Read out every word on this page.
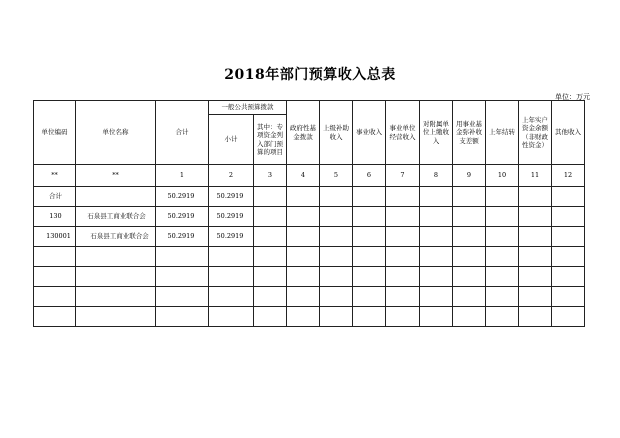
2018年部门预算收入总表
单位：万元
单位编码	单位名称	合计	一般公共预算拨款		政府性基金拨款	上级补助收入	事业收入	事业单位经营收入	对附属单位上缴收入	用事业基金弥补收支差额	上年结转	上年实户资金余额（非财政性资金）	其他收入
			小计	其中：专项资金列入部门预算的项目									
**	**	1	2	3	4	5	6	7	8	9	10	11	12
合计		50.2919	50.2919										
130	石泉县工商业联合会	50.2919	50.2919										
130001	石泉县工商业联合会	50.2919	50.2919										
